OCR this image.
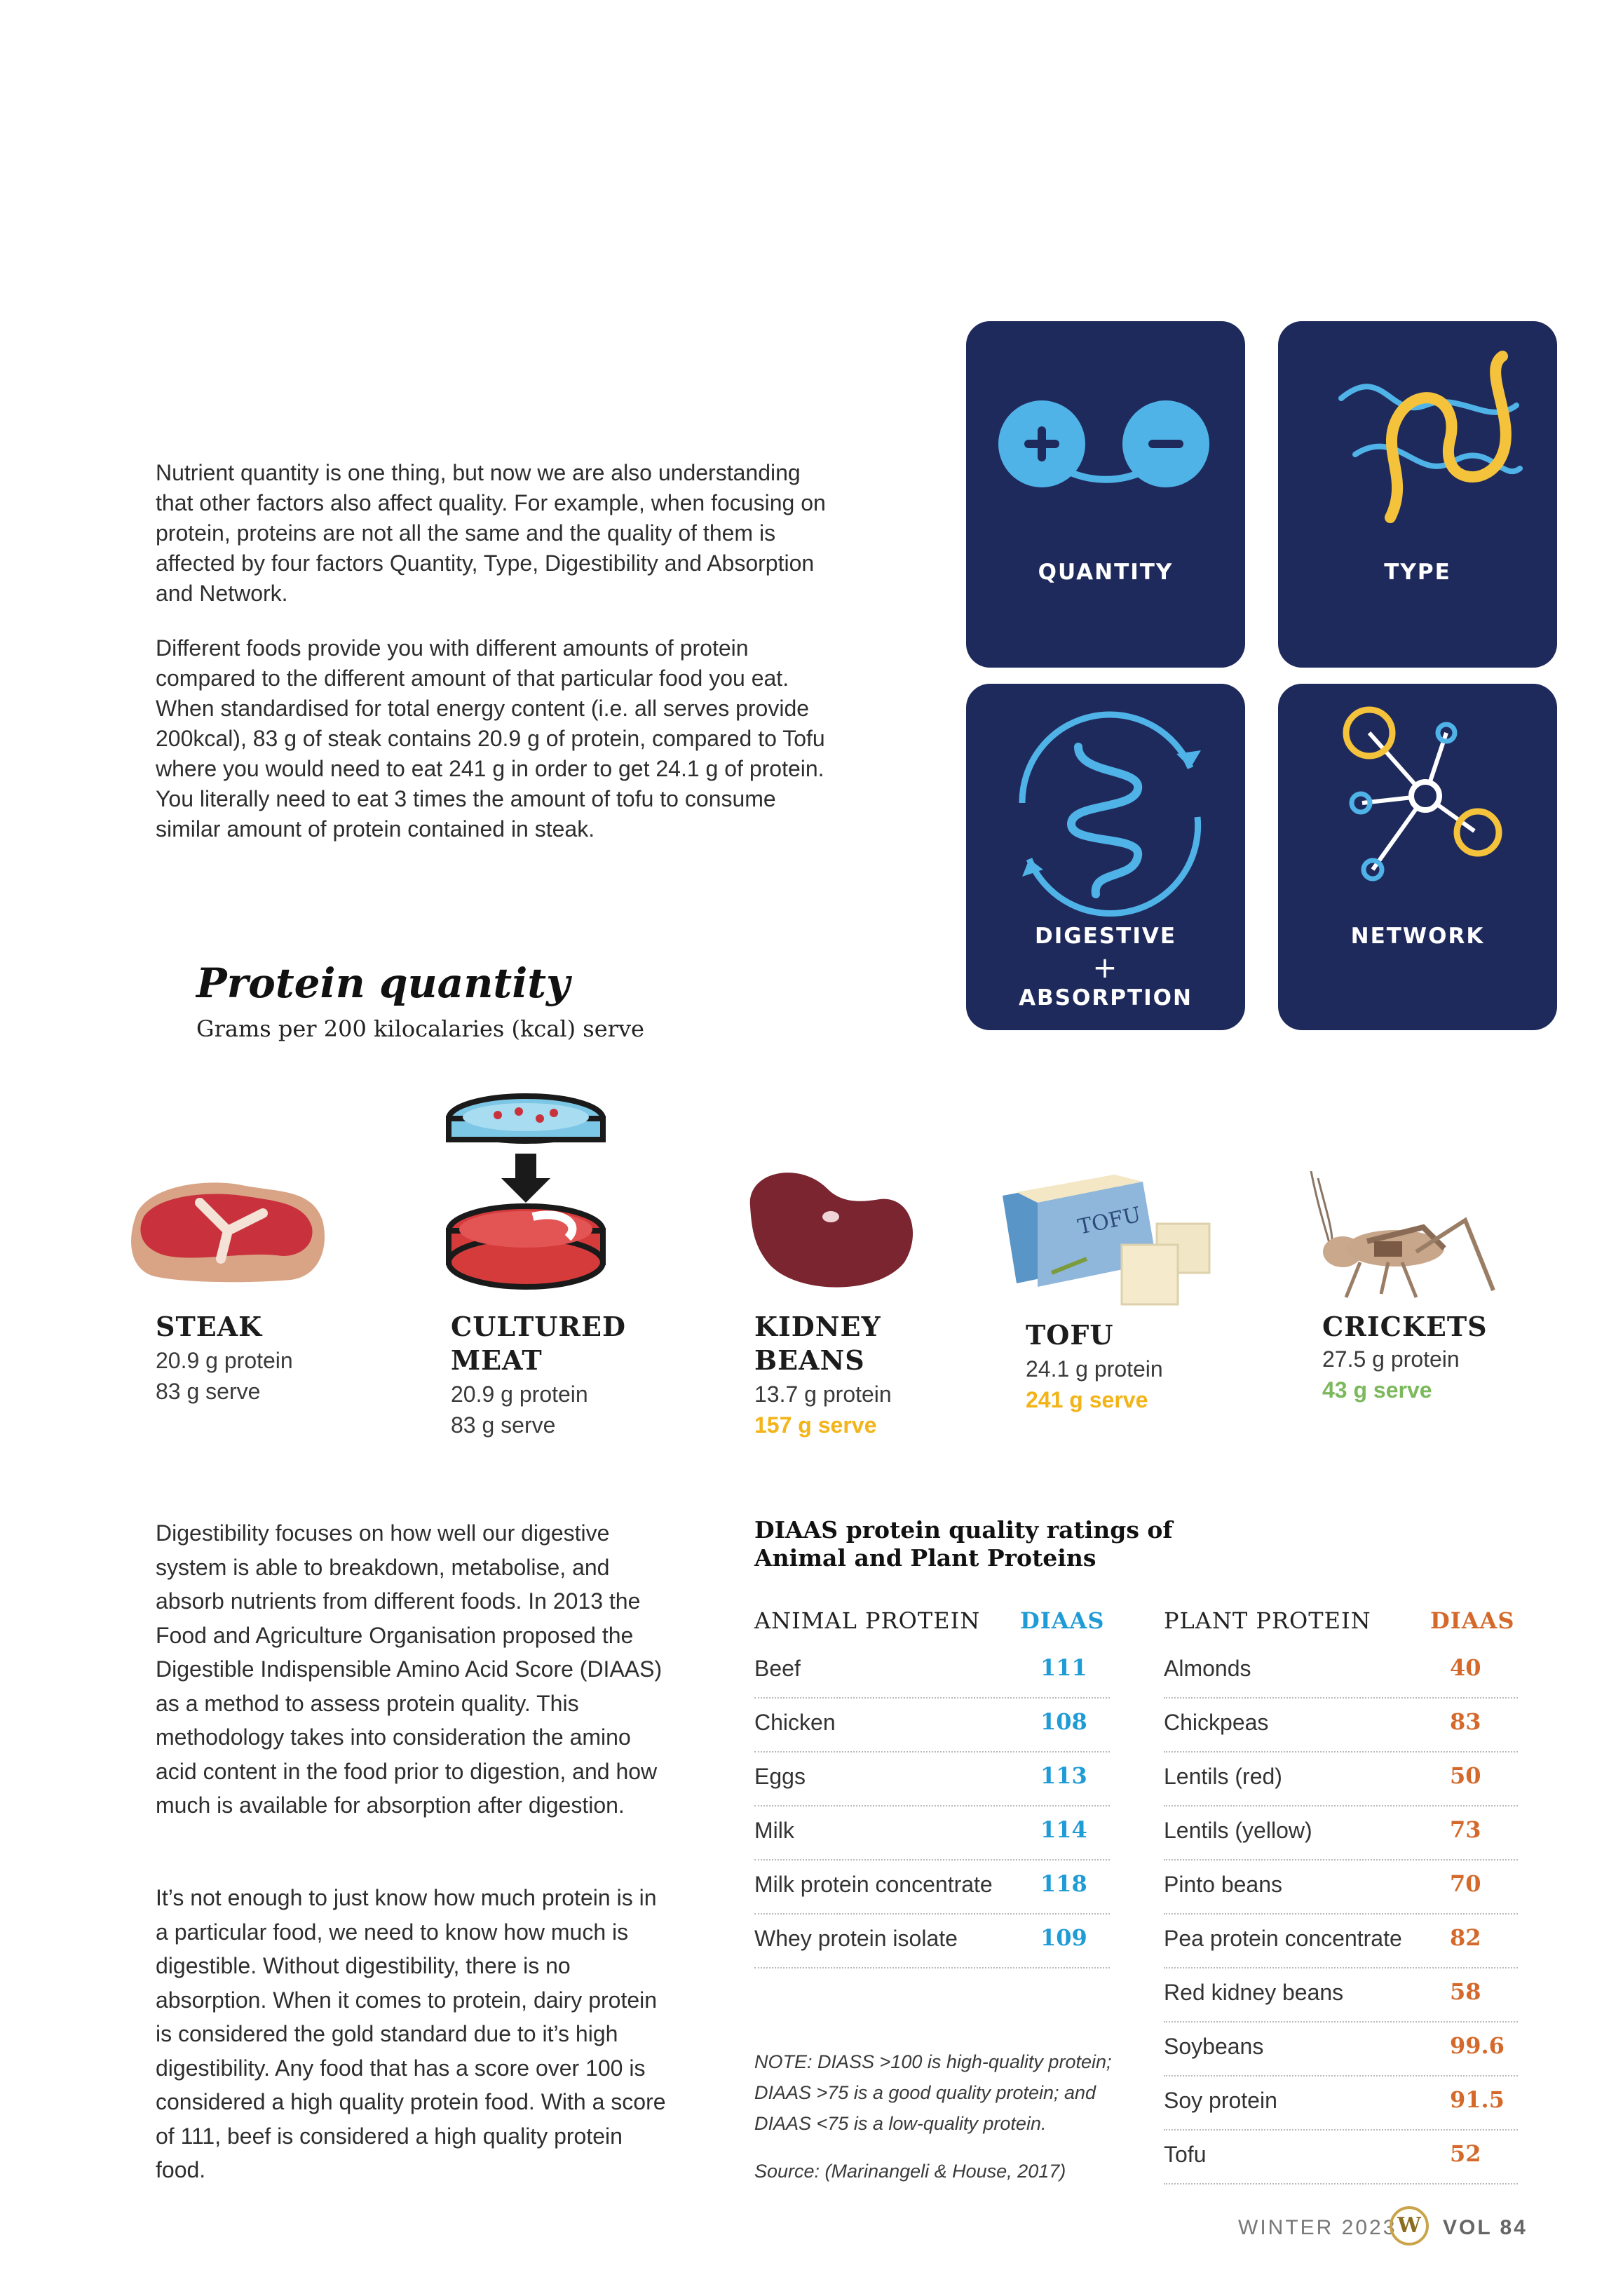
Nutrient quantity is one thing, but now we are also understanding that other factors also affect quality. For example, when focusing on protein, proteins are not all the same and the quality of them is affected by four factors Quantity, Type, Digestibility and Absorption and Network.

Different foods provide you with different amounts of protein compared to the different amount of that particular food you eat. When standardised for total energy content (i.e. all serves provide 200kcal), 83 g of steak contains 20.9 g of protein, compared to Tofu where you would need to eat 241 g in order to get 24.1 g of protein. You literally need to eat 3 times the amount of tofu to consume similar amount of protein contained in steak.

QUANTITY	TYPE
DIGESTIVE
+
ABSORPTION
NETWORK
Protein quantity
Grams per 200 kilocalaries (kcal) serve
TOFU
STEAK
20.9 g protein
83 g serve
CULTURED
MEAT
20.9 g protein
83 g serve
KIDNEY
BEANS
13.7 g protein
157 g serve
TOFU
24.1 g protein
241 g serve
CRICKETS
27.5 g protein
43 g serve

Digestibility focuses on how well our digestive system is able to breakdown, metabolise, and absorb nutrients from different foods. In 2013 the Food and Agriculture Organisation proposed the Digestible Indispensible Amino Acid Score (DIAAS) as a method to assess protein quality. This methodology takes into consideration the amino acid content in the food prior to digestion, and how much is available for absorption after digestion.

It’s not enough to just know how much protein is in a particular food, we need to know how much is digestible. Without digestibility, there is no absorption. When it comes to protein, dairy protein is considered the gold standard due to it’s high digestibility. Any food that has a score over 100 is considered a high quality protein food. With a score of 111, beef is considered a high quality protein food.

DIAAS protein quality ratings of
Animal and Plant Proteins
ANIMAL PROTEIN DIAAS	PLANT PROTEIN	DIAAS
Beef	111
Chicken	108
Eggs	113
Milk	114
Milk protein concentrate 118
Whey protein isolate	109
Almonds	40
Chickpeas	83
Lentils (red)	50
Lentils (yellow)	73
Pinto beans	70
Pea protein concentrate 82
Red kidney beans	58
Soybeans	99.6
Soy protein	91.5
Tofu	52
NOTE: DIASS >100 is high-quality protein;
DIAAS >75 is a good quality protein; and
DIAAS <75 is a low-quality protein.
Source: (Marinangeli & House, 2017)
WINTER 2023 W	VOL 84
